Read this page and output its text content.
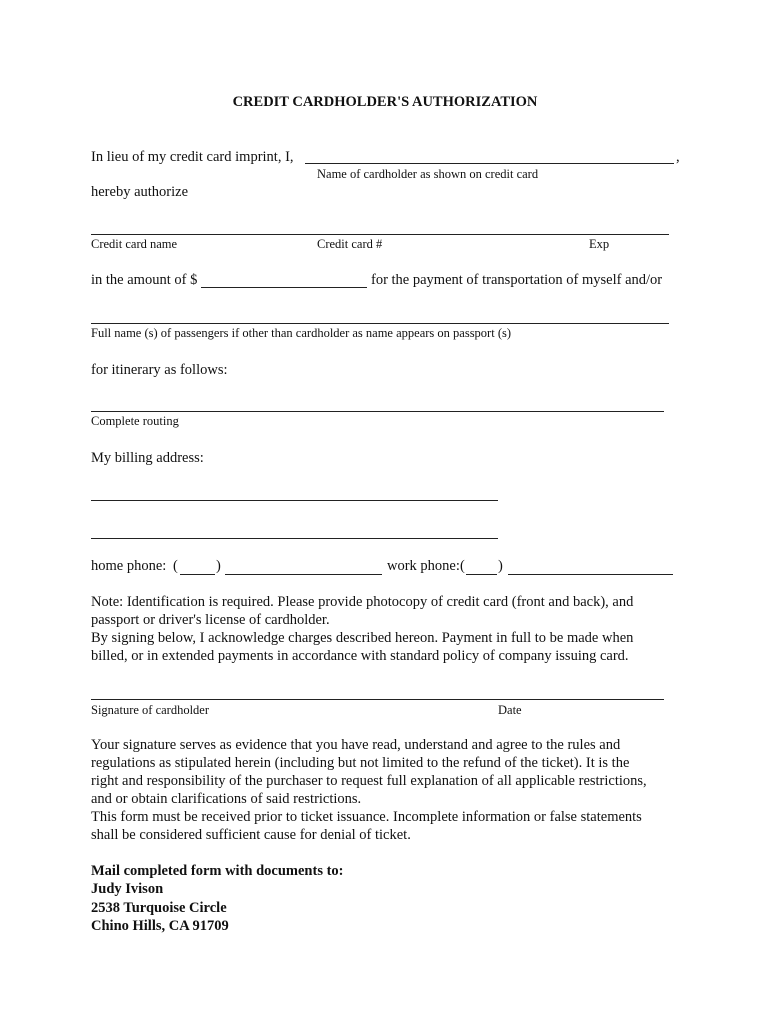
CREDIT CARDHOLDER'S AUTHORIZATION
In lieu of my credit card imprint, I,	,
Name of cardholder as shown on credit card
hereby authorize
Credit card name	Credit card #	Exp
in the amount of $	for the payment of transportation of myself and/or
Full name (s) of passengers if other than cardholder as name appears on passport (s)
for itinerary as follows:
Complete routing
My billing address:
home phone: (	)	work phone: ( )
Note: Identification is required. Please provide photocopy of credit card (front and back), and
passport or driver's license of cardholder.
By signing below, I acknowledge charges described hereon. Payment in full to be made when
billed, or in extended payments in accordance with standard policy of company issuing card.
Signature of cardholder	Date
Your signature serves as evidence that you have read, understand and agree to the rules and
regulations as stipulated herein (including but not limited to the refund of the ticket). It is the
right and responsibility of the purchaser to request full explanation of all applicable restrictions,
and or obtain clarifications of said restrictions.
This form must be received prior to ticket issuance. Incomplete information or false statements
shall be considered sufficient cause for denial of ticket.
Mail completed form with documents to:
Judy Ivison
2538 Turquoise Circle
Chino Hills, CA 91709
